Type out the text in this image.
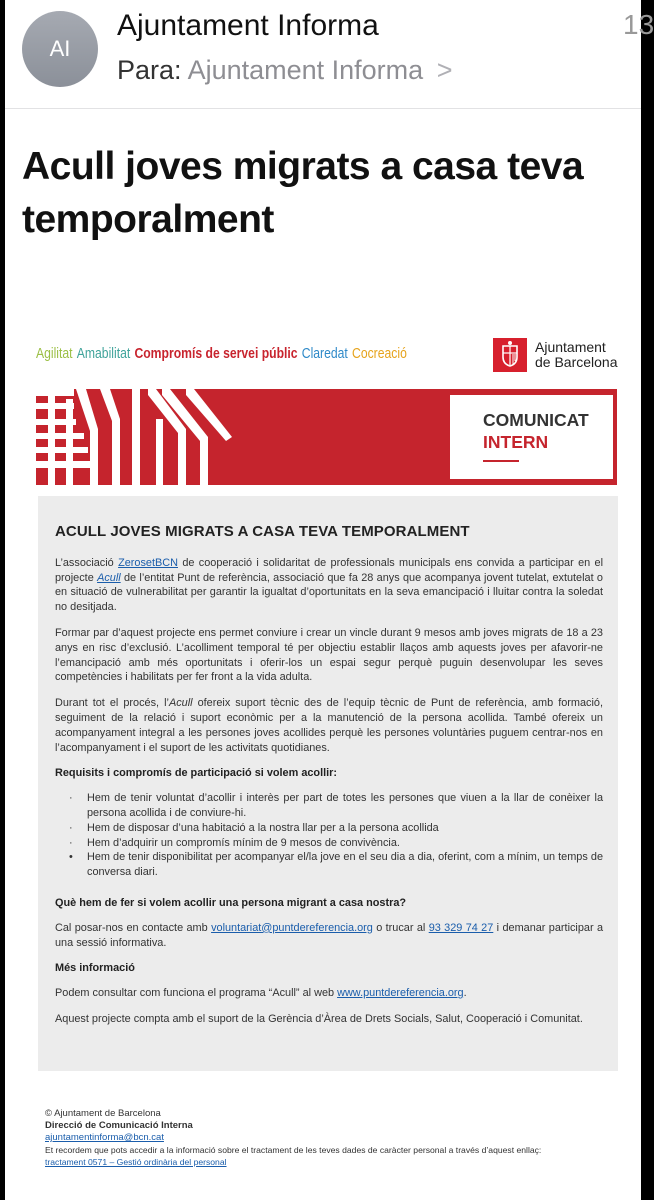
AI
Ajuntament Informa	13
Para: Ajuntament Informa >
Acull joves migrats a casa teva
temporalment
Agilitat Amabilitat Compromís de servei públic Claredat Cocreació	Ajuntament
de Barcelona
COMUNICAT
INTERN
ACULL JOVES MIGRATS A CASA TEVA TEMPORALMENT

L’associació ZerosetBCN de cooperació i solidaritat de professionals municipals ens convida a participar en el projecte Acull de l’entitat Punt de referència, associació que fa 28 anys que acompanya jovent tutelat, extutelat o en situació de vulnerabilitat per garantir la igualtat d’oportunitats en la seva emancipació i lluitar contra la soledat no desitjada.

Formar par d’aquest projecte ens permet conviure i crear un vincle durant 9 mesos amb joves migrats de 18 a 23 anys en risc d’exclusió. L’acolliment temporal té per objectiu establir llaços amb aquests joves per afavorir-ne l’emancipació amb més oportunitats i oferir-los un espai segur perquè puguin desenvolupar les seves competències i habilitats per fer front a la vida adulta.

Durant tot el procés, l’Acull ofereix suport tècnic des de l’equip tècnic de Punt de referència, amb formació, seguiment de la relació i suport econòmic per a la manutenció de la persona acollida. També ofereix un acompanyament integral a les persones joves acollides perquè les persones voluntàries puguem centrar-nos en l’acompanyament i el suport de les activitats quotidianes.

Requisits i compromís de participació si volem acollir:
· Hem de tenir voluntat d’acollir i interès per part de totes les persones que viuen a la llar de conèixer la persona acollida i de conviure-hi.
· Hem de disposar d’una habitació a la nostra llar per a la persona acollida
· Hem d’adquirir un compromís mínim de 9 mesos de convivència.
• Hem de tenir disponibilitat per acompanyar el/la jove en el seu dia a dia, oferint, com a mínim, un temps de conversa diari.
Què hem de fer si volem acollir una persona migrant a casa nostra?

Cal posar-nos en contacte amb voluntariat@puntdereferencia.org o trucar al 93 329 74 27 i demanar participar a una sessió informativa.

Més informació

Podem consultar com funciona el programa “Acull” al web www.puntdereferencia.org.

Aquest projecte compta amb el suport de la Gerència d’Àrea de Drets Socials, Salut, Cooperació i Comunitat.

© Ajuntament de Barcelona
Direcció de Comunicació Interna
ajuntamentinforma@bcn.cat
Et recordem que pots accedir a la informació sobre el tractament de les teves dades de caràcter personal a través d’aquest enllaç:
tractament 0571 – Gestió ordinària del personal
